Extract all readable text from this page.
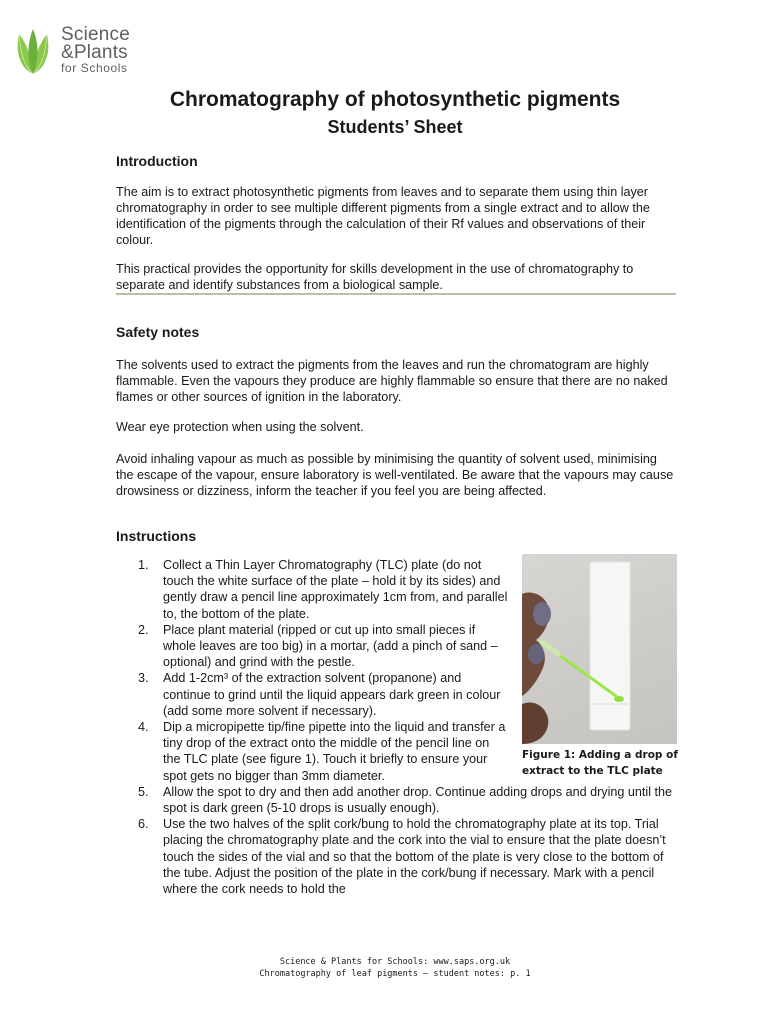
Science
&Plants
for Schools
Chromatography of photosynthetic pigments
Students’ Sheet
Introduction

The aim is to extract photosynthetic pigments from leaves and to separate them using thin layer chromatography in order to see multiple different pigments from a single extract and to allow the identification of the pigments through the calculation of their Rf values and observations of their colour.

This practical provides the opportunity for skills development in the use of chromatography to separate and identify substances from a biological sample.

Safety notes

The solvents used to extract the pigments from the leaves and run the chromatogram are highly flammable. Even the vapours they produce are highly flammable so ensure that there are no naked flames or other sources of ignition in the laboratory.

Wear eye protection when using the solvent.

Avoid inhaling vapour as much as possible by minimising the quantity of solvent used, minimising the escape of the vapour, ensure laboratory is well-ventilated. Be aware that the vapours may cause drowsiness or dizziness, inform the teacher if you feel you are being affected.

Instructions
1. Collect a Thin Layer Chromatography (TLC) plate (do not touch the white surface of the plate – hold it by its sides) and gently draw a pencil line approximately 1cm from, and parallel to, the bottom of the plate.
2. Place plant material (ripped or cut up into small pieces if whole leaves are too big) in a mortar, (add a pinch of sand – optional) and grind with the pestle.
3. Add 1-2cm³ of the extraction solvent (propanone) and continue to grind until the liquid appears dark green in colour (add some more solvent if necessary).
4. Dip a micropipette tip/fine pipette into the liquid and transfer a tiny drop of the extract onto the middle of the pencil line on the TLC plate (see figure 1). Touch it briefly to ensure your spot gets no bigger than 3mm diameter.
5. Allow the spot to dry and then add another drop. Continue adding drops and drying until the spot is dark green (5-10 drops is usually enough).
6. Use the two halves of the split cork/bung to hold the chromatography plate at its top. Trial placing the chromatography plate and the cork into the vial to ensure that the plate doesn’t touch the sides of the vial and so that the bottom of the plate is very close to the bottom of the tube. Adjust the position of the plate in the cork/bung if necessary. Mark with a pencil where the cork needs to hold the

Figure 1: Adding a drop of extract to the TLC plate

Science & Plants for Schools: www.saps.org.uk
Chromatography of leaf pigments – student notes: p. 1
